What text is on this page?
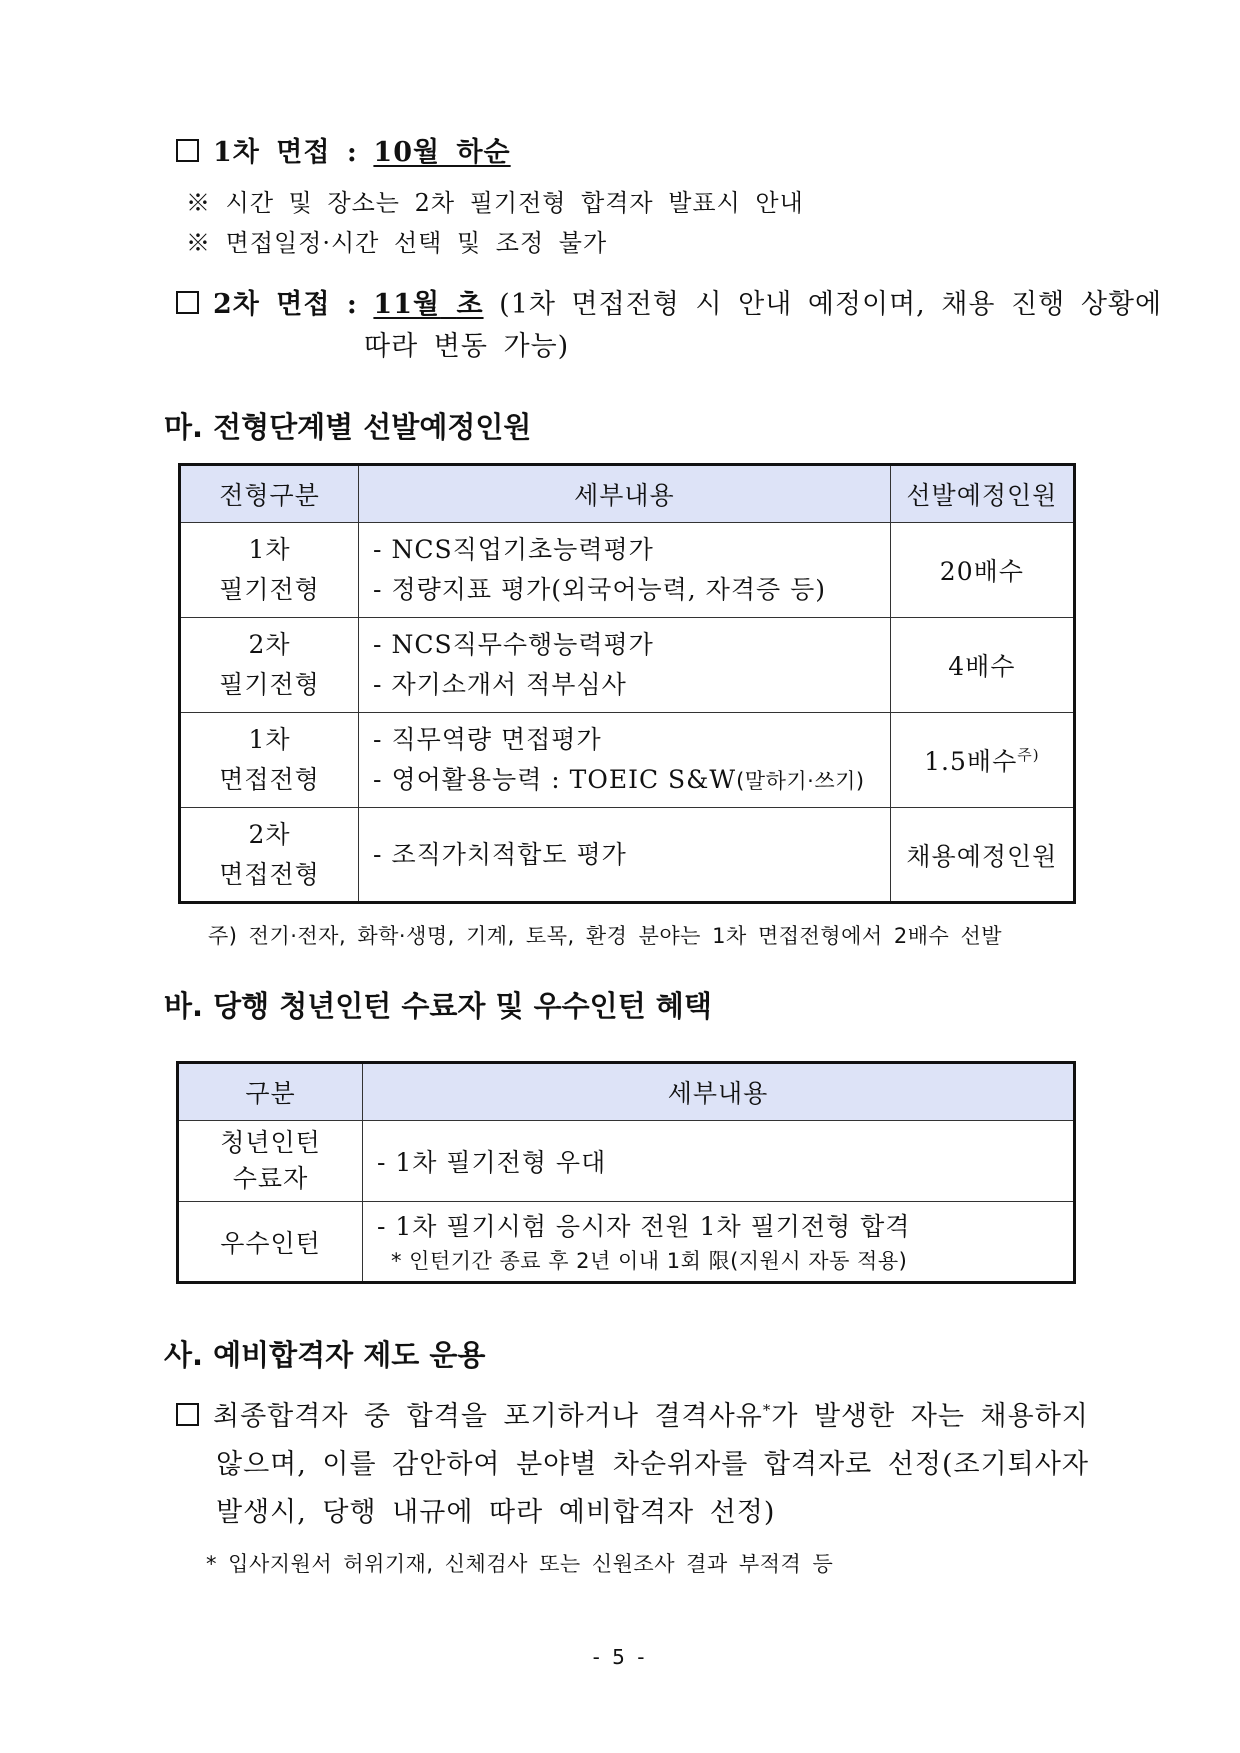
1차 면접 : 10월 하순
※ 시간 및 장소는 2차 필기전형 합격자 발표시 안내
※ 면접일정·시간 선택 및 조정 불가
2차 면접 : 11월 초 (1차 면접전형 시 안내 예정이며, 채용 진행 상황에
따라 변동 가능)
마. 전형단계별 선발예정인원
전형구분	세부내용	선발예정인원

1차
필기전형	- NCS직업기초능력평가
- 정량지표 평가(외국어능력, 자격증 등)	20배수

2차
필기전형	- NCS직무수행능력평가
- 자기소개서 적부심사	4배수

1차
면접전형	- 직무역량 면접평가
- 영어활용능력 : TOEIC S&W(말하기·쓰기)	1.5배수$^{주)}$

2차
면접전형	- 조직가치적합도 평가	채용예정인원
주) 전기·전자, 화학·생명, 기계, 토목, 환경 분야는 1차 면접전형에서 2배수 선발
바. 당행 청년인턴 수료자 및 우수인턴 혜택
구분	세부내용

청년인턴
수료자	- 1차 필기전형 우대
우수인턴	- 1차 필기시험 응시자 전원 1차 필기전형 합격
* 인턴기간 종료 후 2년 이내 1회 限(지원시 자동 적용)
사. 예비합격자 제도 운용
최종합격자 중 합격을 포기하거나 결격사유*가 발생한 자는 채용하지
않으며, 이를 감안하여 분야별 차순위자를 합격자로 선정(조기퇴사자
발생시, 당행 내규에 따라 예비합격자 선정)
* 입사지원서 허위기재, 신체검사 또는 신원조사 결과 부적격 등
- 5 -
